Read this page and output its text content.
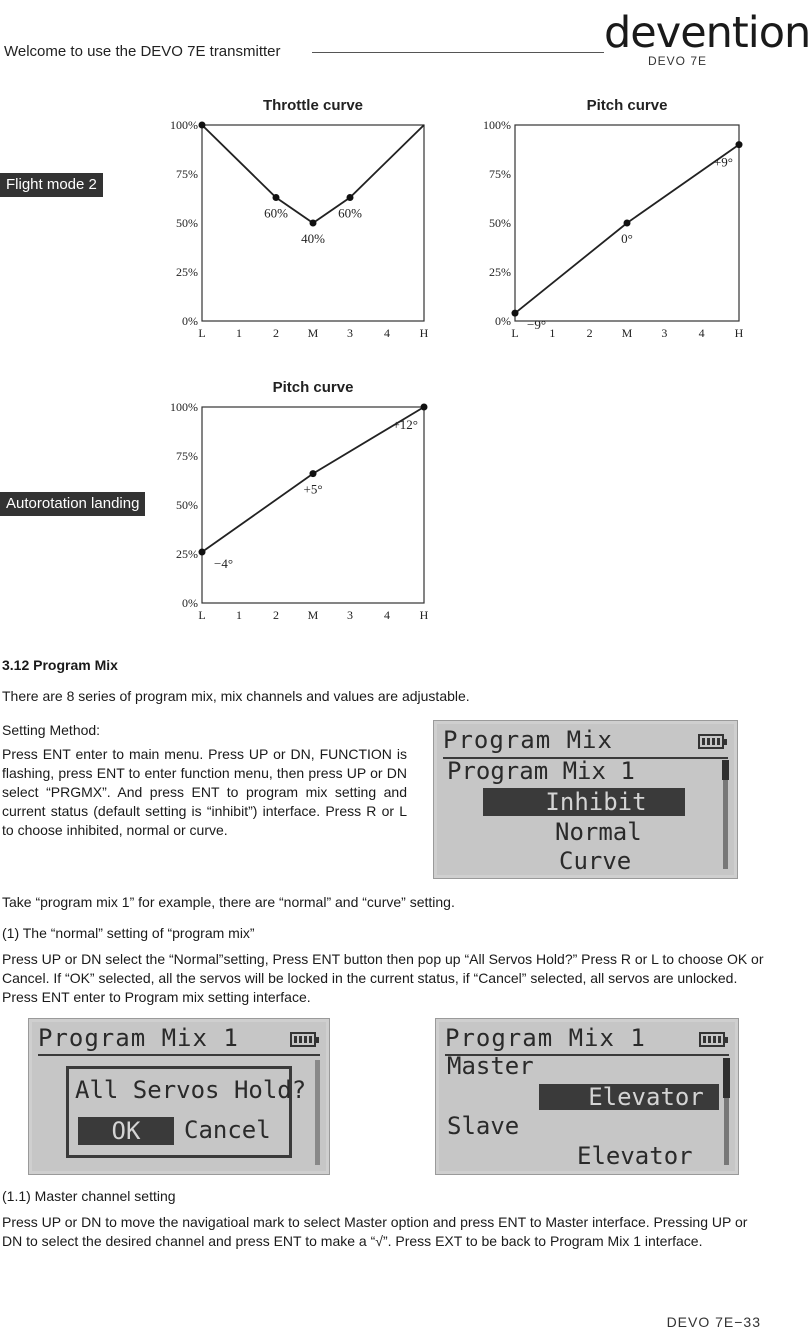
Welcome to use the DEVO 7E transmitter	devention
DEVO 7E
Flight mode 2
Autorotation landing
Throttle curve
100%
75%
50%
25%
0%
L	1	2 M 3	4 H
60%
40%
60%
Pitch curve
100%
75%
50%
25%
0%
L	1	2 M 3	4 H
−9°
0°
+9°
Pitch curve
100%
75%
50%
25%
0%
L	1	2 M 3	4 H
−4°
+5°
+12°
3.12 Program Mix
There are 8 series of program mix, mix channels and values are adjustable.
Setting Method:
Press ENT enter to main menu. Press UP or DN, FUNCTION is flashing, press ENT to enter function menu, then press UP or DN select “PRGMX”. And press ENT to program mix setting and current status (default setting is “inhibit”) interface. Press R or L to choose inhibited, normal or curve.
Program Mix
Program Mix 1
Inhibit
Normal
Curve
Take “program mix 1” for example, there are “normal” and “curve” setting.
(1) The “normal” setting of “program mix”
Press UP or DN select the “Normal”setting, Press ENT button then pop up “All Servos Hold?” Press R or L to choose OK or Cancel. If “OK” selected, all the servos will be locked in the current status, if “Cancel” selected, all servos are unlocked. Press ENT enter to Program mix setting interface.
Program Mix 1
All Servos Hold?
OK	Cancel
Program Mix 1
Master
Elevator
Slave
Elevator
(1.1) Master channel setting
Press UP or DN to move the navigatioal mark to select Master option and press ENT to Master interface. Pressing UP or DN to select the desired channel and press ENT to make a “√”. Press EXT to be back to Program Mix 1 interface.
DEVO 7E−33
